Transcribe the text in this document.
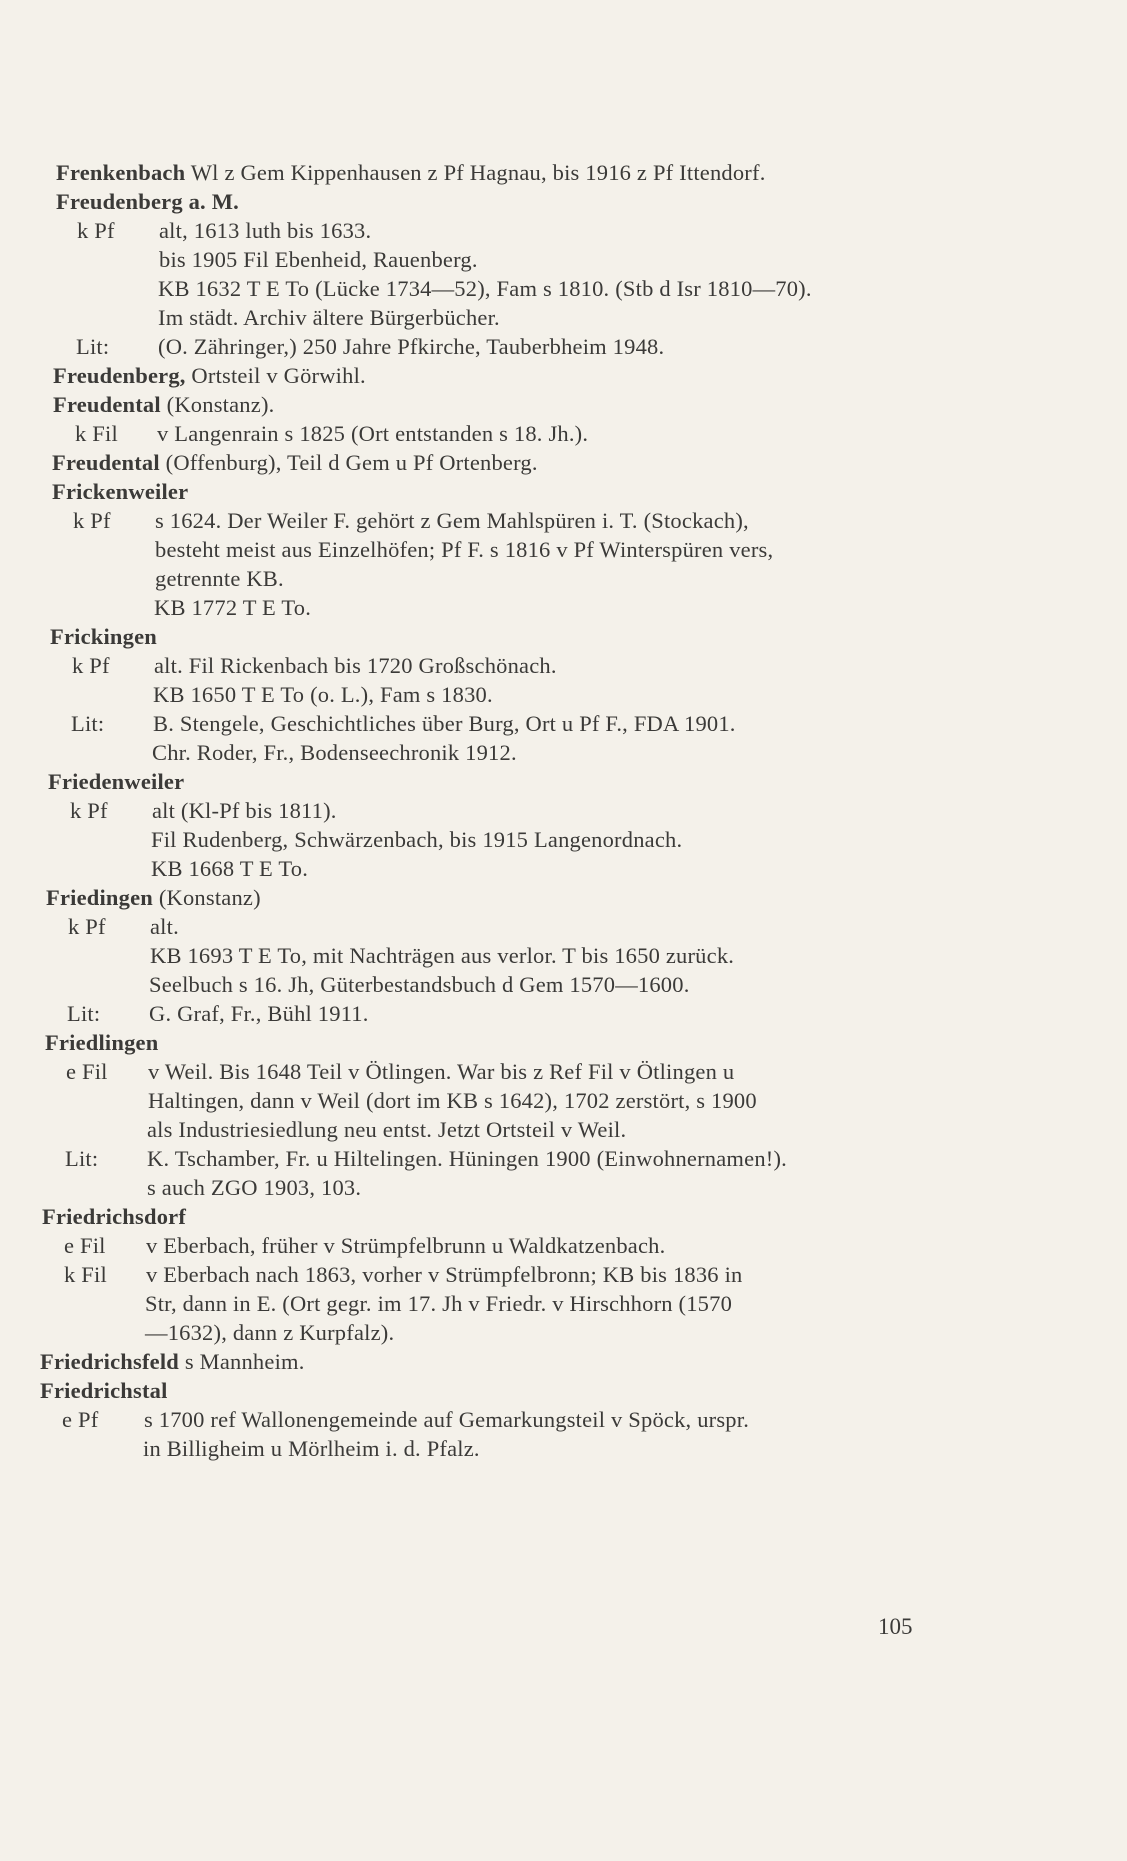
Frenkenbach Wl z Gem Kippenhausen z Pf Hagnau, bis 1916 z Pf Ittendorf.
Freudenberg a. M.
k Pf alt, 1613 luth bis 1633.
bis 1905 Fil Ebenheid, Rauenberg.
KB 1632 T E To (Lücke 1734—52), Fam s 1810. (Stb d Isr 1810—70).
Im städt. Archiv ältere Bürgerbücher.
Lit: (O. Zähringer,) 250 Jahre Pfkirche, Tauberbheim 1948.
Freudenberg, Ortsteil v Görwihl.
Freudental (Konstanz).
k Fil v Langenrain s 1825 (Ort entstanden s 18. Jh.).
Freudental (Offenburg), Teil d Gem u Pf Ortenberg.
Frickenweiler
k Pf s 1624. Der Weiler F. gehört z Gem Mahlspüren i. T. (Stockach),
besteht meist aus Einzelhöfen; Pf F. s 1816 v Pf Winterspüren vers,
getrennte KB.
KB 1772 T E To.
Frickingen
k Pf alt. Fil Rickenbach bis 1720 Großschönach.
KB 1650 T E To (o. L.), Fam s 1830.
Lit: B. Stengele, Geschichtliches über Burg, Ort u Pf F., FDA 1901.
Chr. Roder, Fr., Bodenseechronik 1912.
Friedenweiler
k Pf alt (Kl-Pf bis 1811).
Fil Rudenberg, Schwärzenbach, bis 1915 Langenordnach.
KB 1668 T E To.
Friedingen (Konstanz)
k Pf alt.
KB 1693 T E To, mit Nachträgen aus verlor. T bis 1650 zurück.
Seelbuch s 16. Jh, Güterbestandsbuch d Gem 1570—1600.
Lit: G. Graf, Fr., Bühl 1911.
Friedlingen
e Fil v Weil. Bis 1648 Teil v Ötlingen. War bis z Ref Fil v Ötlingen u
Haltingen, dann v Weil (dort im KB s 1642), 1702 zerstört, s 1900
als Industriesiedlung neu entst. Jetzt Ortsteil v Weil.
Lit: K. Tschamber, Fr. u Hiltelingen. Hüningen 1900 (Einwohnernamen!).
s auch ZGO 1903, 103.
Friedrichsdorf
e Fil v Eberbach, früher v Strümpfelbrunn u Waldkatzenbach.
k Fil v Eberbach nach 1863, vorher v Strümpfelbronn; KB bis 1836 in
Str, dann in E. (Ort gegr. im 17. Jh v Friedr. v Hirschhorn (1570
—1632), dann z Kurpfalz).
Friedrichsfeld s Mannheim.
Friedrichstal
e Pf s 1700 ref Wallonengemeinde auf Gemarkungsteil v Spöck, urspr.
in Billigheim u Mörlheim i. d. Pfalz.
105
